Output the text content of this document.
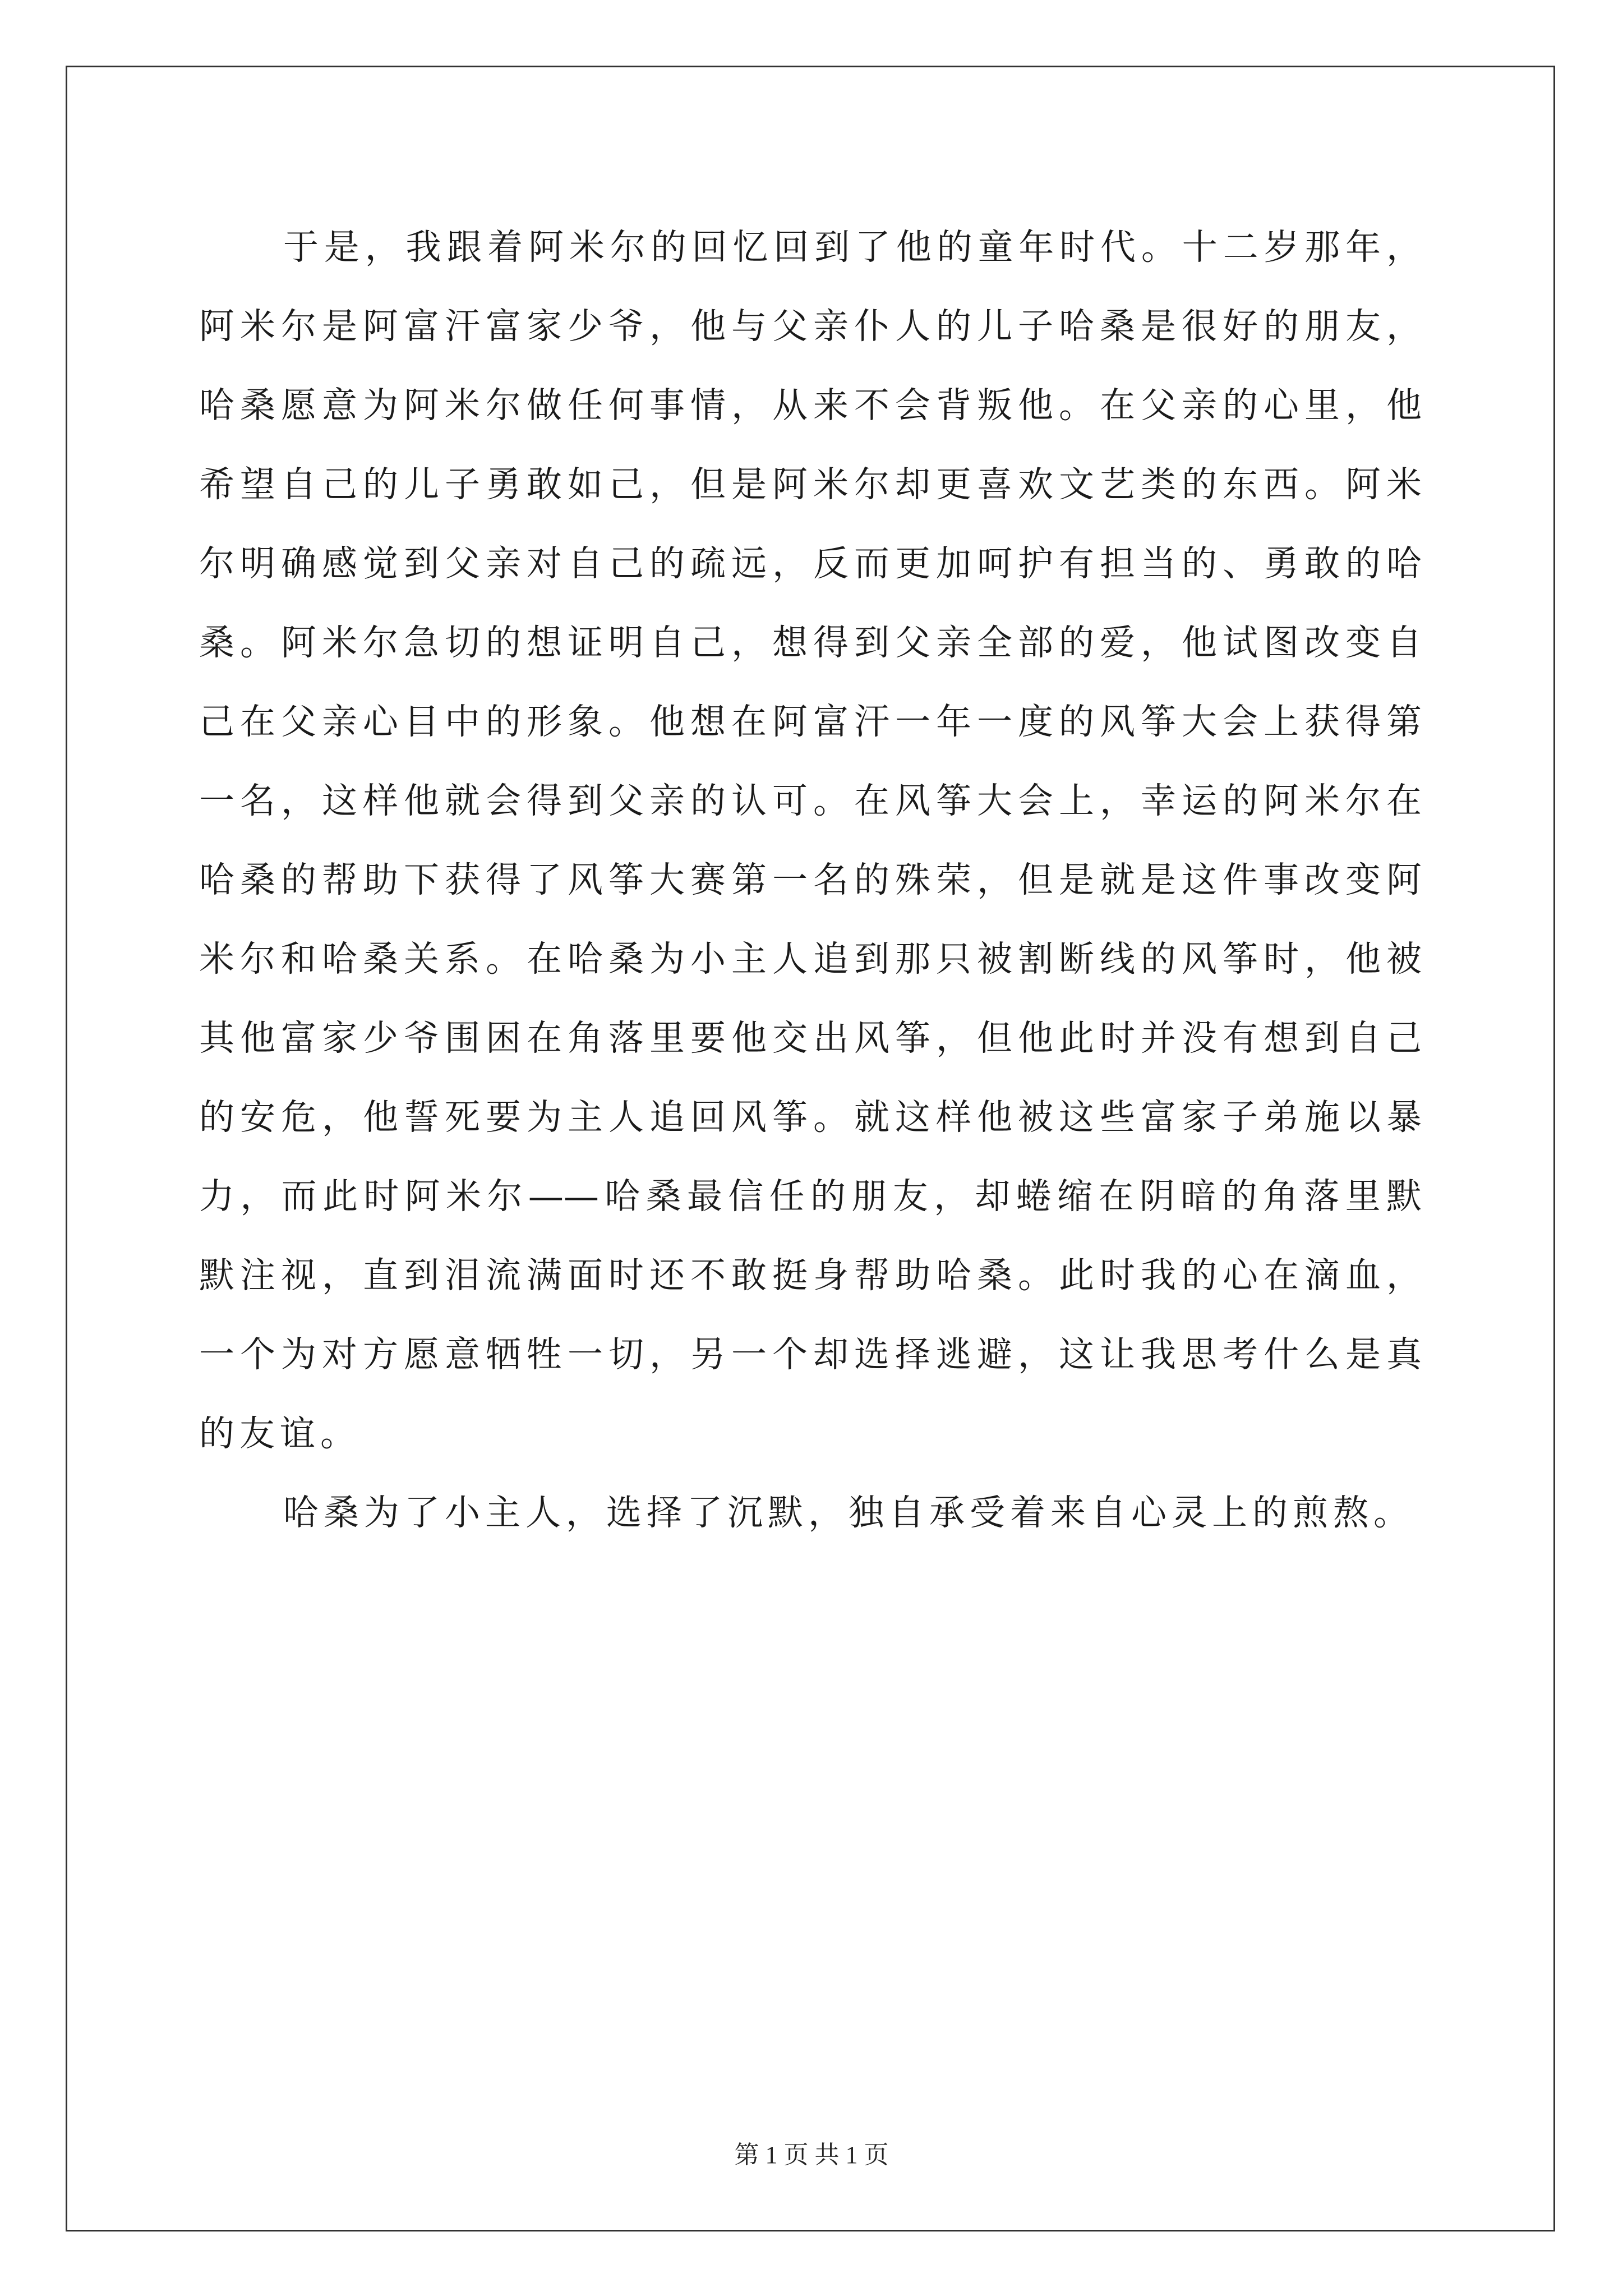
于是，我跟着阿米尔的回忆回到了他的童年时代。十二岁那年，
阿米尔是阿富汗富家少爷，他与父亲仆人的儿子哈桑是很好的朋友，
哈桑愿意为阿米尔做任何事情，从来不会背叛他。在父亲的心里，他
希望自己的儿子勇敢如己，但是阿米尔却更喜欢文艺类的东西。阿米
尔明确感觉到父亲对自己的疏远，反而更加呵护有担当的、勇敢的哈
桑。阿米尔急切的想证明自己，想得到父亲全部的爱，他试图改变自
己在父亲心目中的形象。他想在阿富汗一年一度的风筝大会上获得第
一名，这样他就会得到父亲的认可。在风筝大会上，幸运的阿米尔在
哈桑的帮助下获得了风筝大赛第一名的殊荣，但是就是这件事改变阿
米尔和哈桑关系。在哈桑为小主人追到那只被割断线的风筝时，他被
其他富家少爷围困在角落里要他交出风筝，但他此时并没有想到自己
的安危，他誓死要为主人追回风筝。就这样他被这些富家子弟施以暴
力，而此时阿米尔——哈桑最信任的朋友，却蜷缩在阴暗的角落里默
默注视，直到泪流满面时还不敢挺身帮助哈桑。此时我的心在滴血，
一个为对方愿意牺牲一切，另一个却选择逃避，这让我思考什么是真
的友谊。
哈桑为了小主人，选择了沉默，独自承受着来自心灵上的煎熬。
第 1 页 共 1 页
